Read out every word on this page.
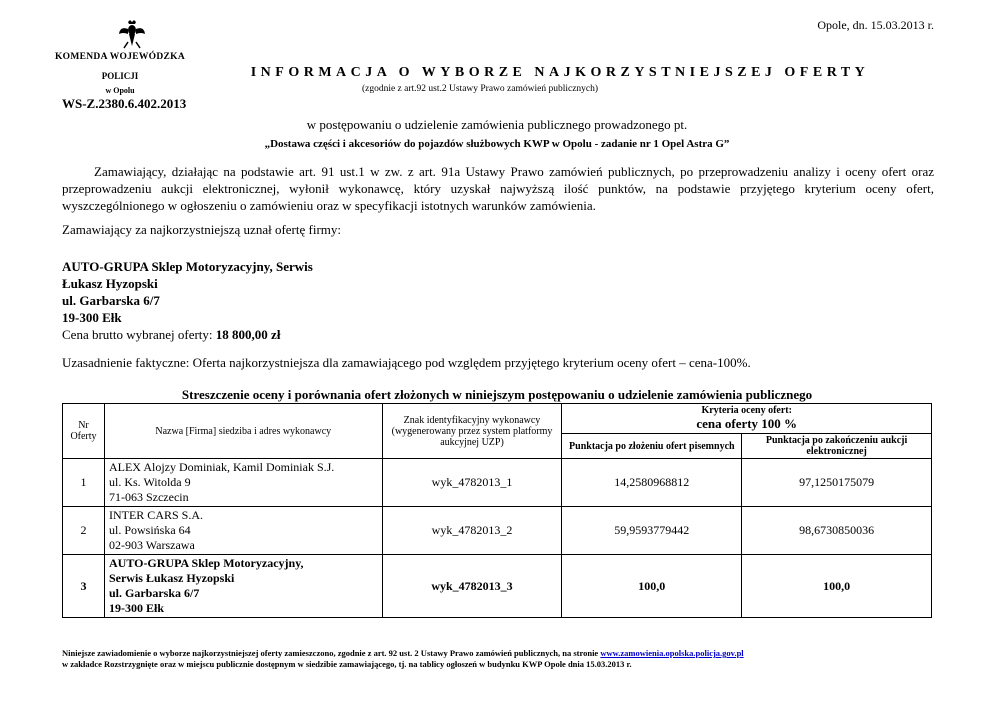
Opole, dn. 15.03.2013 r.
KOMENDA WOJEWÓDZKA
POLICJI
w Opolu
WS-Z.2380.6.402.2013
INFORMACJA O WYBORZE NAJKORZYSTNIEJSZEJ OFERTY
(zgodnie z art.92 ust.2 Ustawy Prawo zamówień publicznych)
w postępowaniu o udzielenie zamówienia publicznego prowadzonego pt.
„Dostawa części i akcesoriów do pojazdów służbowych KWP w Opolu - zadanie nr 1 Opel Astra G”
Zamawiający, działając na podstawie art. 91 ust.1 w zw. z art. 91a Ustawy Prawo zamówień publicznych, po przeprowadzeniu analizy i oceny ofert oraz przeprowadzeniu aukcji elektronicznej, wyłonił wykonawcę, który uzyskał najwyższą ilość punktów, na podstawie przyjętego kryterium oceny ofert, wyszczególnionego w ogłoszeniu o zamówieniu oraz w specyfikacji istotnych warunków zamówienia.
Zamawiający za najkorzystniejszą uznał ofertę firmy:
AUTO-GRUPA Sklep Motoryzacyjny, Serwis
Łukasz Hyzopski
ul. Garbarska 6/7
19-300 Ełk
Cena brutto wybranej oferty: 18 800,00 zł
Uzasadnienie faktyczne: Oferta najkorzystniejsza dla zamawiającego pod względem przyjętego kryterium oceny ofert – cena-100%.
Streszczenie oceny i porównania ofert złożonych w niniejszym postępowaniu o udzielenie zamówienia publicznego
Nr Oferty	Nazwa [Firma] siedziba i adres wykonawcy	Znak identyfikacyjny wykonawcy (wygenerowany przez system platformy aukcyjnej UZP)	Kryteria oceny ofert:
cena oferty 100 %	

			Punktacja po złożeniu ofert pisemnych	Punktacja po zakończeniu aukcji elektronicznej
1	ALEX Alojzy Dominiak, Kamil Dominiak S.J.
ul. Ks. Witolda 9
71-063 Szczecin	wyk_4782013_1	14,2580968812	97,1250175079
2	INTER CARS S.A.
ul. Powsińska 64
02-903 Warszawa	wyk_4782013_2	59,9593779442	98,6730850036
3	AUTO-GRUPA Sklep Motoryzacyjny,
Serwis Łukasz Hyzopski
ul. Garbarska 6/7
19-300 Ełk	wyk_4782013_3	100,0	100,0
Niniejsze zawiadomienie o wyborze najkorzystniejszej oferty zamieszczono, zgodnie z art. 92 ust. 2 Ustawy Prawo zamówień publicznych, na stronie www.zamowienia.opolska.policja.gov.pl
w zakładce Rozstrzygnięte oraz w miejscu publicznie dostępnym w siedzibie zamawiającego, tj. na tablicy ogłoszeń w budynku KWP Opole dnia 15.03.2013 r.
